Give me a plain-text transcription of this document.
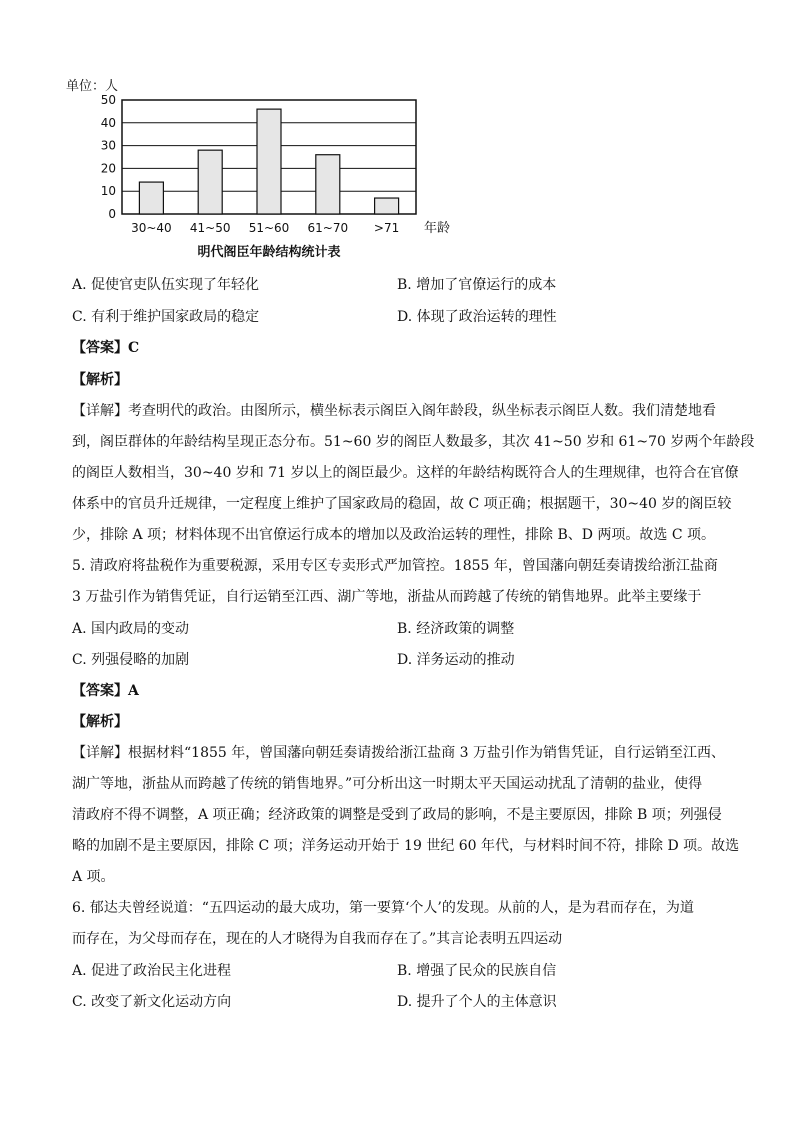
单位：人
0
10
20
30
40
50
30~40 41~50 51~60 61~70 >71 年龄
明代阁臣年龄结构统计表
A. 促使官吏队伍实现了年轻化	B. 增加了官僚运行的成本
C. 有利于维护国家政局的稳定	D. 体现了政治运转的理性
【答案】C
【解析】
【详解】考查明代的政治。由图所示，横坐标表示阁臣入阁年龄段，纵坐标表示阁臣人数。我们清楚地看
到，阁臣群体的年龄结构呈现正态分布。51~60 岁的阁臣人数最多，其次 41~50 岁和 61~70 岁两个年龄段
的阁臣人数相当，30~40 岁和 71 岁以上的阁臣最少。这样的年龄结构既符合人的生理规律，也符合在官僚
体系中的官员升迁规律，一定程度上维护了国家政局的稳固，故 C 项正确；根据题干，30~40 岁的阁臣较
少，排除 A 项；材料体现不出官僚运行成本的增加以及政治运转的理性，排除 B、D 两项。故选 C 项。
5. 清政府将盐税作为重要税源，采用专区专卖形式严加管控。1855 年，曾国藩向朝廷奏请拨给浙江盐商
3 万盐引作为销售凭证，自行运销至江西、湖广等地，浙盐从而跨越了传统的销售地界。此举主要缘于
A. 国内政局的变动	B. 经济政策的调整
C. 列强侵略的加剧	D. 洋务运动的推动
【答案】A
【解析】
【详解】根据材料“1855 年，曾国藩向朝廷奏请拨给浙江盐商 3 万盐引作为销售凭证，自行运销至江西、
湖广等地，浙盐从而跨越了传统的销售地界。”可分析出这一时期太平天国运动扰乱了清朝的盐业，使得
清政府不得不调整，A 项正确；经济政策的调整是受到了政局的影响，不是主要原因，排除 B 项；列强侵
略的加剧不是主要原因，排除 C 项；洋务运动开始于 19 世纪 60 年代，与材料时间不符，排除 D 项。故选
A 项。
6. 郁达夫曾经说道：“五四运动的最大成功，第一要算‘个人’的发现。从前的人，是为君而存在，为道
而存在，为父母而存在，现在的人才晓得为自我而存在了。”其言论表明五四运动
A. 促进了政治民主化进程	B. 增强了民众的民族自信
C. 改变了新文化运动方向	D. 提升了个人的主体意识
